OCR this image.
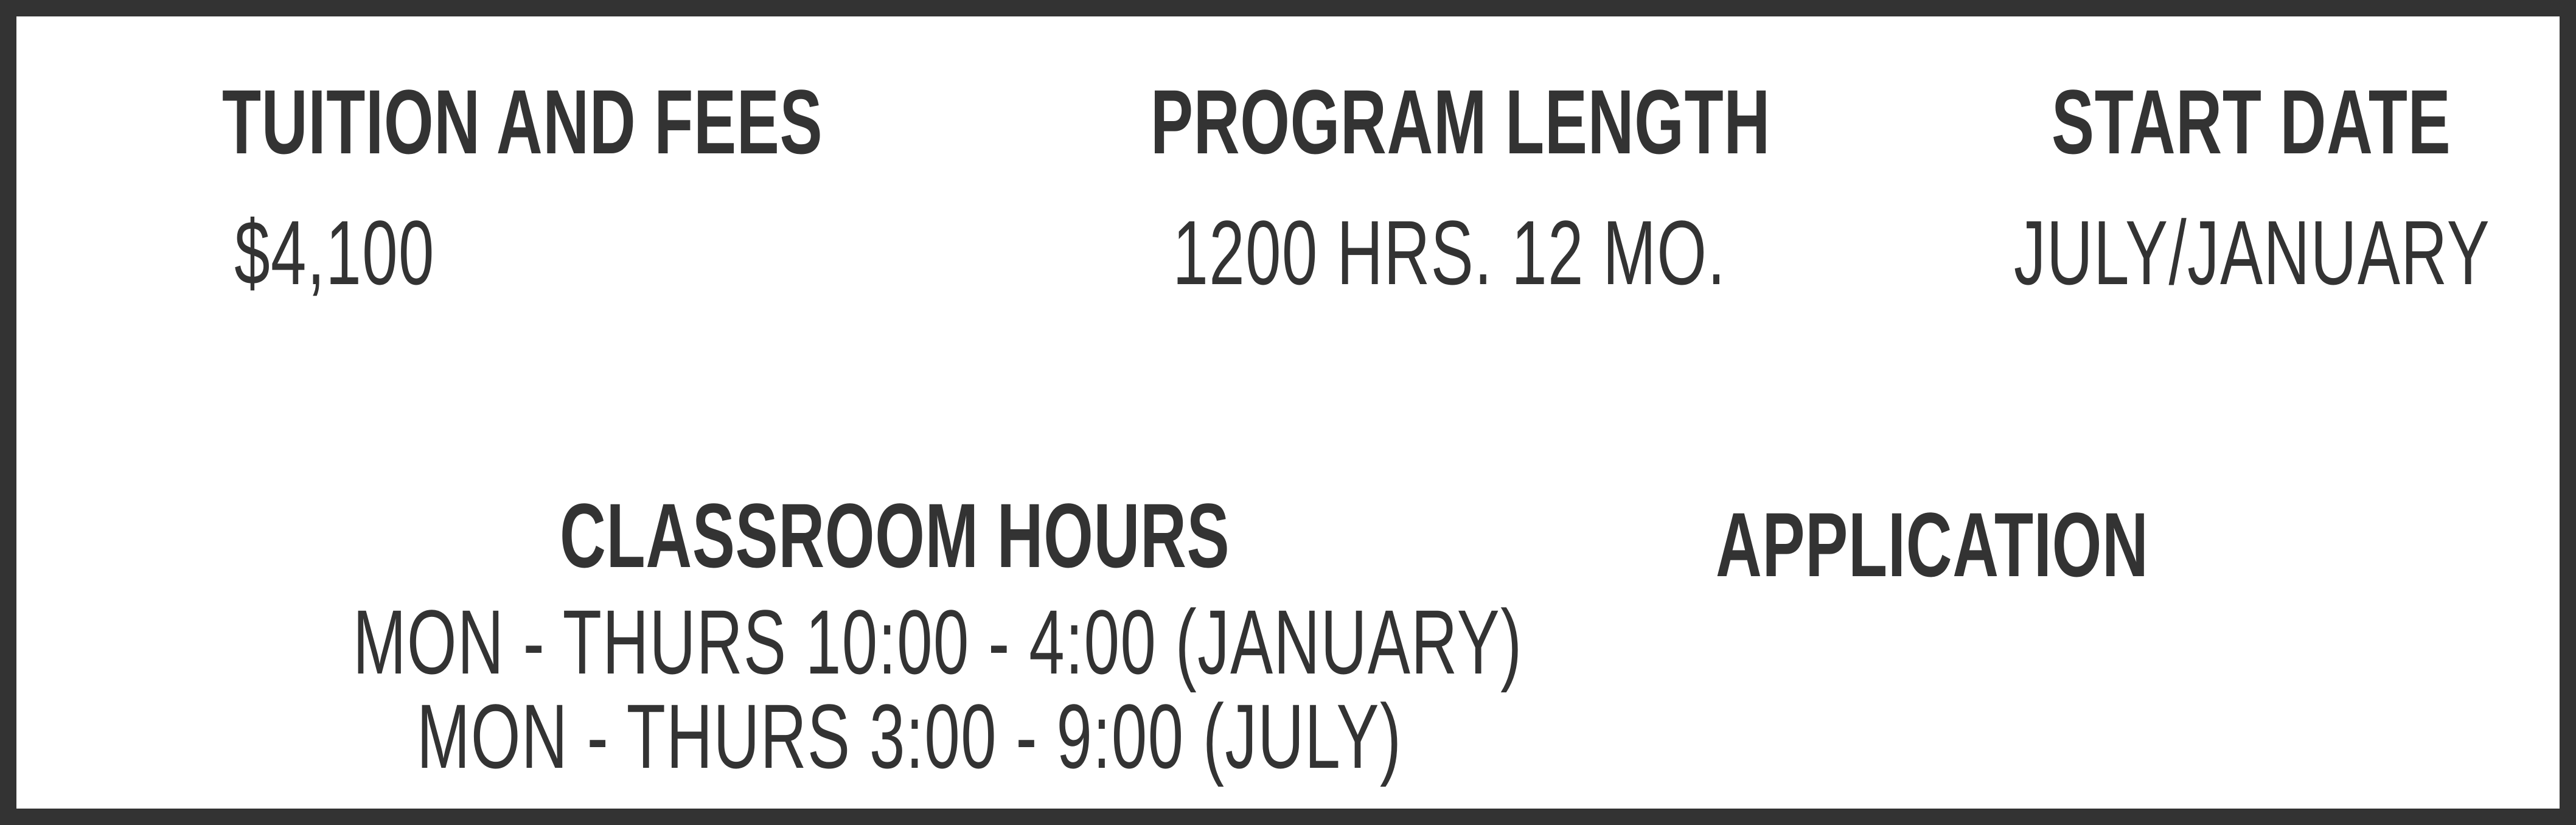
TUITION AND FEES
$4,100
PROGRAM LENGTH
1200 HRS. 12 MO.
START DATE
JULY/JANUARY
CLASSROOM HOURS
MON - THURS 10:00 - 4:00 (JANUARY)
MON - THURS 3:00 - 9:00 (JULY)
APPLICATION
